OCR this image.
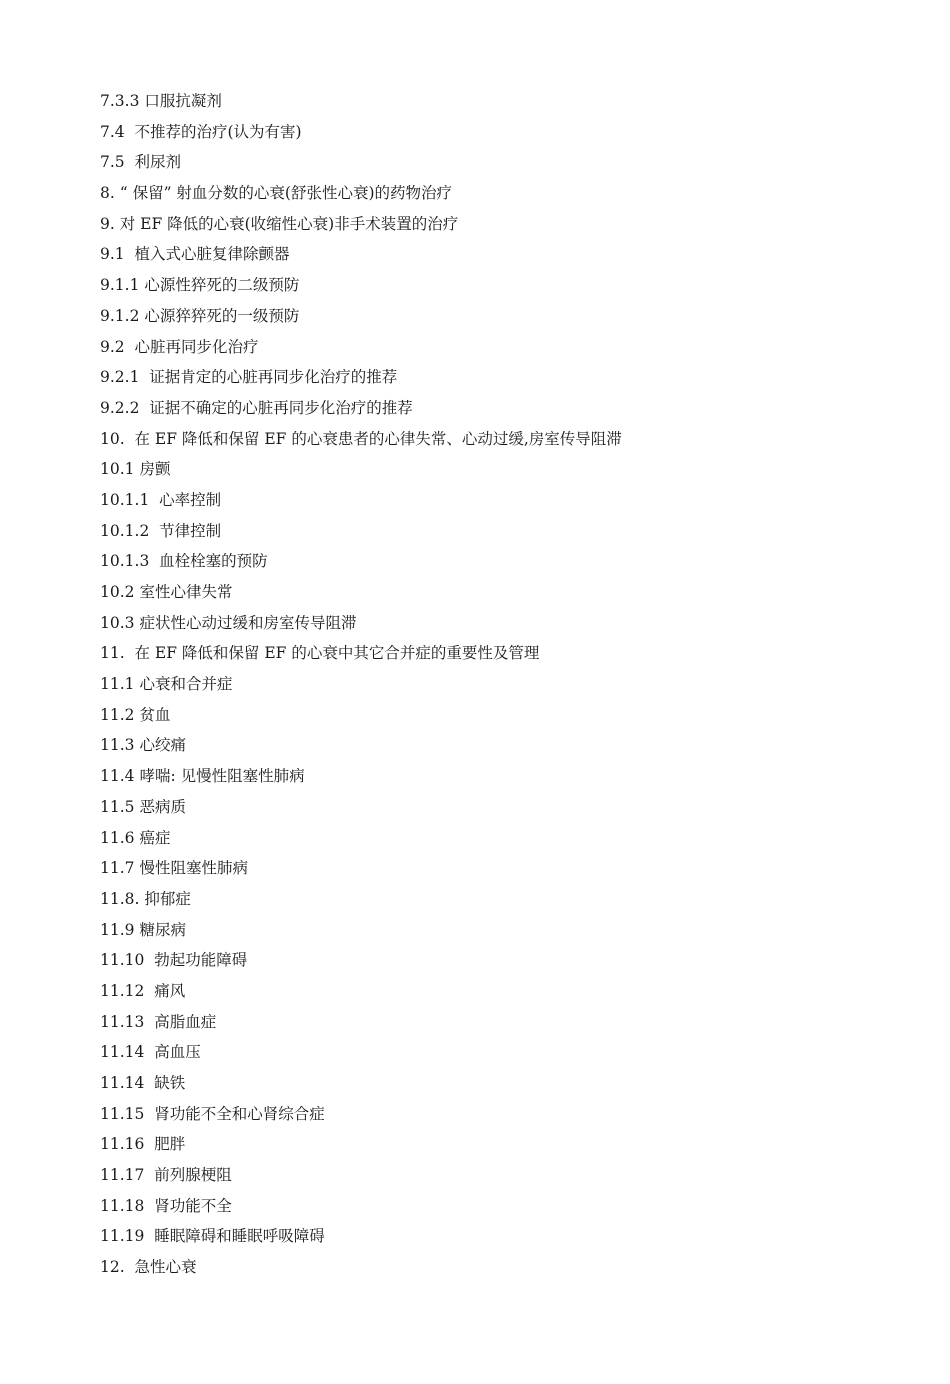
7.3.3 口服抗凝剂
7.4  不推荐的治疗(认为有害)
7.5  利尿剂
8. “ 保留” 射血分数的心衰(舒张性心衰)的药物治疗
9. 对 EF 降低的心衰(收缩性心衰)非手术装置的治疗
9.1  植入式心脏复律除颤器
9.1.1 心源性猝死的二级预防
9.1.2 心源猝猝死的一级预防
9.2  心脏再同步化治疗
9.2.1  证据肯定的心脏再同步化治疗的推荐
9.2.2  证据不确定的心脏再同步化治疗的推荐
10.  在 EF 降低和保留 EF 的心衰患者的心律失常、心动过缓,房室传导阻滞
10.1 房颤
10.1.1  心率控制
10.1.2  节律控制
10.1.3  血栓栓塞的预防
10.2 室性心律失常
10.3 症状性心动过缓和房室传导阻滞
11.  在 EF 降低和保留 EF 的心衰中其它合并症的重要性及管理
11.1 心衰和合并症
11.2 贫血
11.3 心绞痛
11.4 哮喘: 见慢性阻塞性肺病
11.5 恶病质
11.6 癌症
11.7 慢性阻塞性肺病
11.8. 抑郁症
11.9 糖尿病
11.10  勃起功能障碍
11.12  痛风
11.13  高脂血症
11.14  高血压
11.14  缺铁
11.15  肾功能不全和心肾综合症
11.16  肥胖
11.17  前列腺梗阻
11.18  肾功能不全
11.19  睡眠障碍和睡眠呼吸障碍
12.  急性心衰
